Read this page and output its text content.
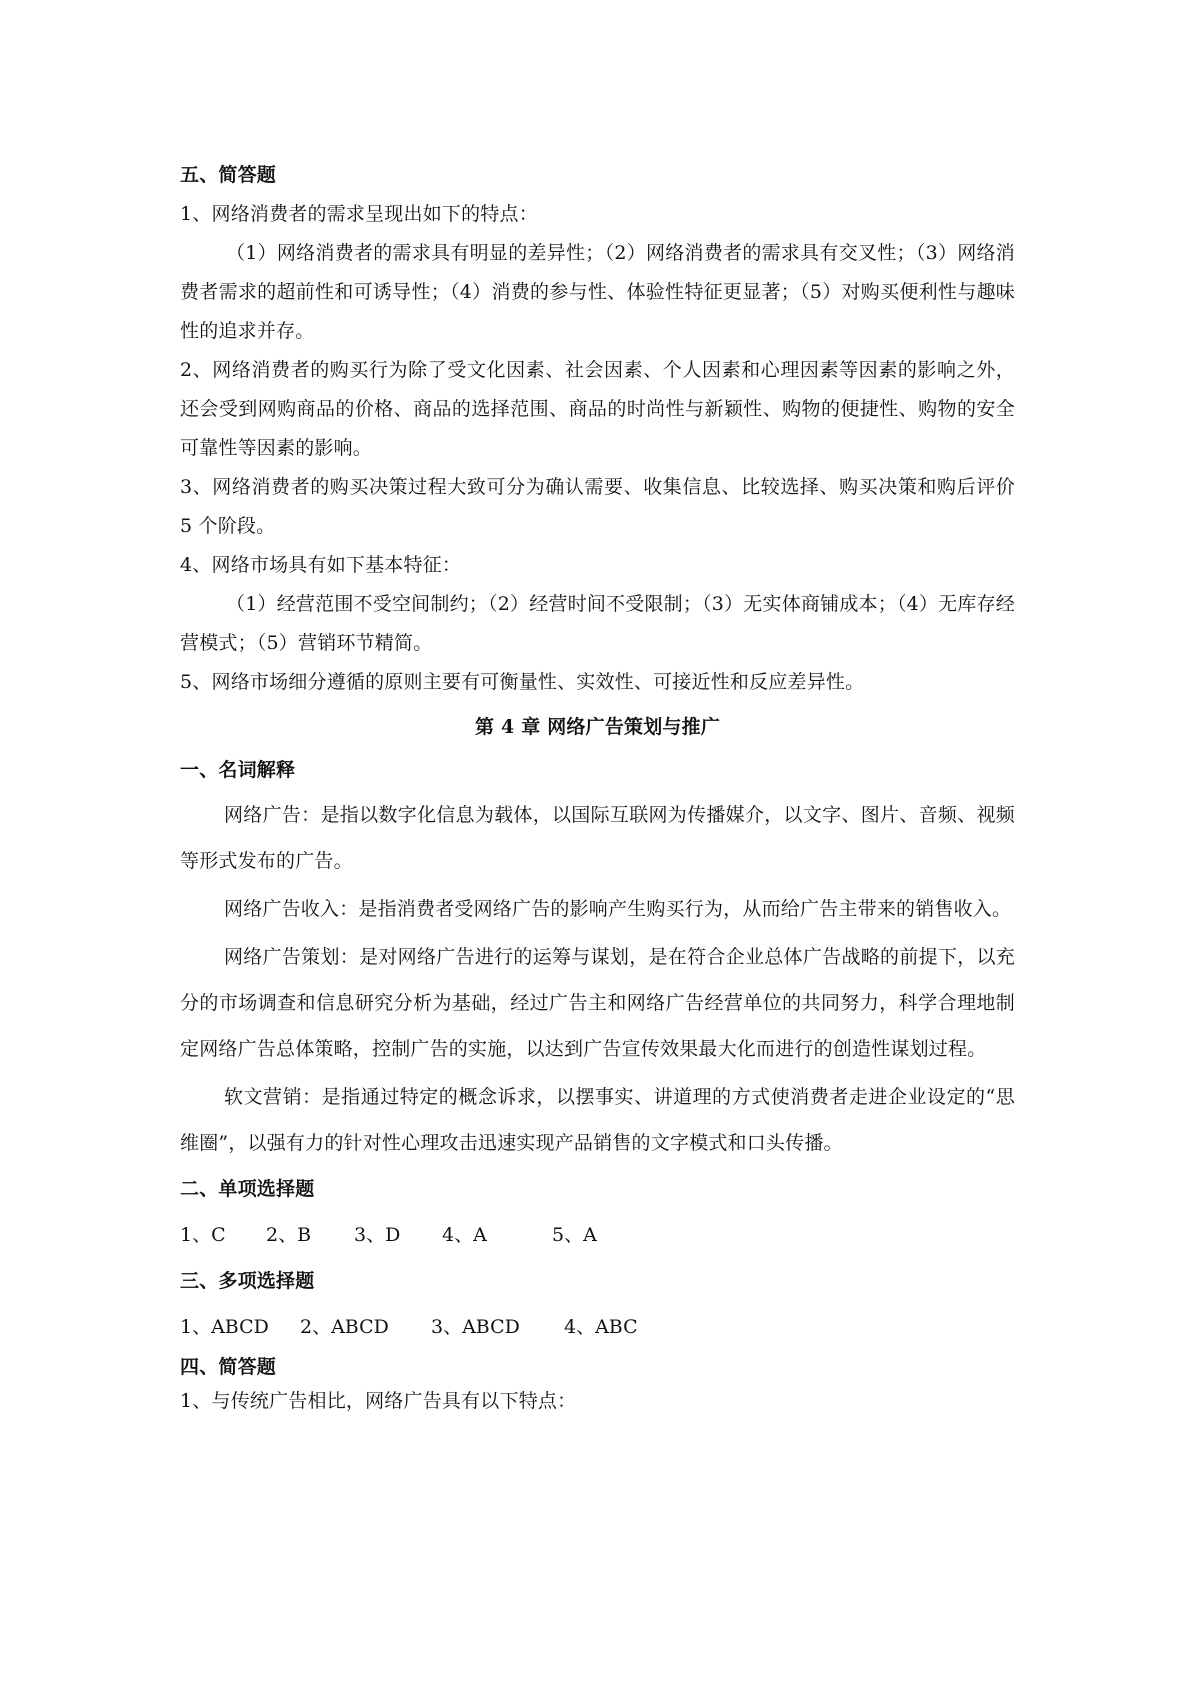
五、简答题

1、网络消费者的需求呈现出如下的特点：

（1）网络消费者的需求具有明显的差异性；（2）网络消费者的需求具有交叉性；（3）网络消费者需求的超前性和可诱导性；（4）消费的参与性、体验性特征更显著；（5）对购买便利性与趣味性的追求并存。

2、网络消费者的购买行为除了受文化因素、社会因素、个人因素和心理因素等因素的影响之外，还会受到网购商品的价格、商品的选择范围、商品的时尚性与新颖性、购物的便捷性、购物的安全可靠性等因素的影响。

3、网络消费者的购买决策过程大致可分为确认需要、收集信息、比较选择、购买决策和购后评价 5 个阶段。

4、网络市场具有如下基本特征：

（1）经营范围不受空间制约；（2）经营时间不受限制；（3）无实体商铺成本；（4）无库存经营模式；（5）营销环节精简。

5、网络市场细分遵循的原则主要有可衡量性、实效性、可接近性和反应差异性。

第 4 章 网络广告策划与推广

一、名词解释

网络广告：是指以数字化信息为载体，以国际互联网为传播媒介，以文字、图片、音频、视频等形式发布的广告。

网络广告收入：是指消费者受网络广告的影响产生购买行为，从而给广告主带来的销售收入。

网络广告策划：是对网络广告进行的运筹与谋划，是在符合企业总体广告战略的前提下，以充分的市场调查和信息研究分析为基础，经过广告主和网络广告经营单位的共同努力，科学合理地制定网络广告总体策略，控制广告的实施，以达到广告宣传效果最大化而进行的创造性谋划过程。

软文营销：是指通过特定的概念诉求，以摆事实、讲道理的方式使消费者走进企业设定的“思维圈”，以强有力的针对性心理攻击迅速实现产品销售的文字模式和口头传播。

二、单项选择题

1、C	2、B	3、D	4、A	5、A

三、多项选择题

1、ABCD	2、ABCD	3、ABCD	4、ABC

四、简答题

1、与传统广告相比，网络广告具有以下特点：
